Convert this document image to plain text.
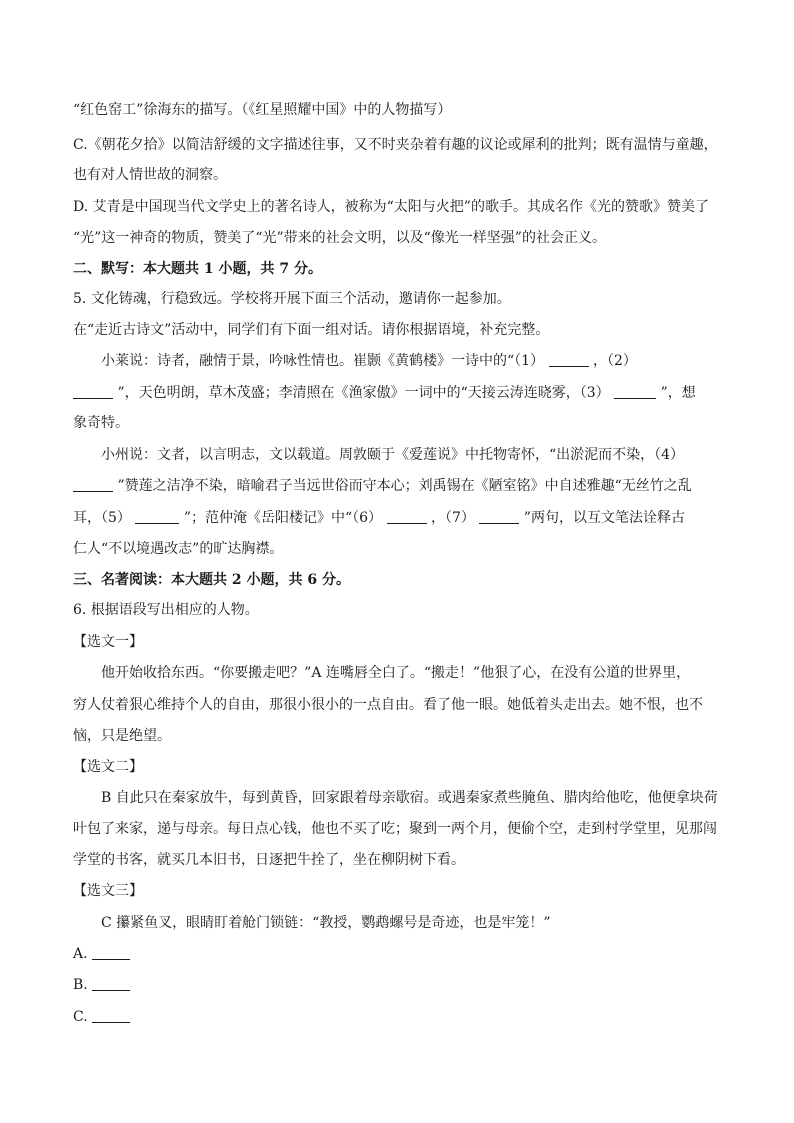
“红色窑工”徐海东的描写。（《红星照耀中国》中的人物描写）
C.《朝花夕拾》以简洁舒缓的文字描述往事，又不时夹杂着有趣的议论或犀利的批判；既有温情与童趣，
也有对人情世故的洞察。
D. 艾青是中国现当代文学史上的著名诗人，被称为“太阳与火把”的歌手。其成名作《光的赞歌》赞美了
“光”这一神奇的物质，赞美了“光”带来的社会文明，以及“像光一样坚强”的社会正义。
二、默写：本大题共 1 小题，共 7 分。
5. 文化铸魂，行稳致远。学校将开展下面三个活动，邀请你一起参加。
在“走近古诗文”活动中，同学们有下面一组对话。请你根据语境，补充完整。
小莱说：诗者，融情于景，吟咏性情也。崔颢《黄鹤楼》一诗中的“（1）	，（2）
”，天色明朗，草木茂盛；李清照在《渔家傲》一词中的“天接云涛连晓雾，（3）	”，想
象奇特。
小州说：文者，以言明志，文以载道。周敦颐于《爱莲说》中托物寄怀，“出淤泥而不染，（4）
”赞莲之洁净不染，暗喻君子当远世俗而守本心；刘禹锡在《陋室铭》中自述雅趣“无丝竹之乱
耳，（5）	”；范仲淹《岳阳楼记》中“（6）	，（7）	”两句，以互文笔法诠释古
仁人“不以境遇改志”的旷达胸襟。
三、名著阅读：本大题共 2 小题，共 6 分。
6. 根据语段写出相应的人物。
【选文一】
他开始收拾东西。“你要搬走吧？”A 连嘴唇全白了。“搬走！”他狠了心，在没有公道的世界里，
穷人仗着狠心维持个人的自由，那很小很小的一点自由。看了他一眼。她低着头走出去。她不恨，也不
恼，只是绝望。
【选文二】
B 自此只在秦家放牛，每到黄昏，回家跟着母亲歇宿。或遇秦家煮些腌鱼、腊肉给他吃，他便拿块荷
叶包了来家，递与母亲。每日点心钱，他也不买了吃；聚到一两个月，便偷个空，走到村学堂里，见那闯
学堂的书客，就买几本旧书，日逐把牛拴了，坐在柳阴树下看。
【选文三】
C 攥紧鱼叉，眼睛盯着舱门锁链：“教授，鹦鹉螺号是奇迹，也是牢笼！”
A.
B.
C.
